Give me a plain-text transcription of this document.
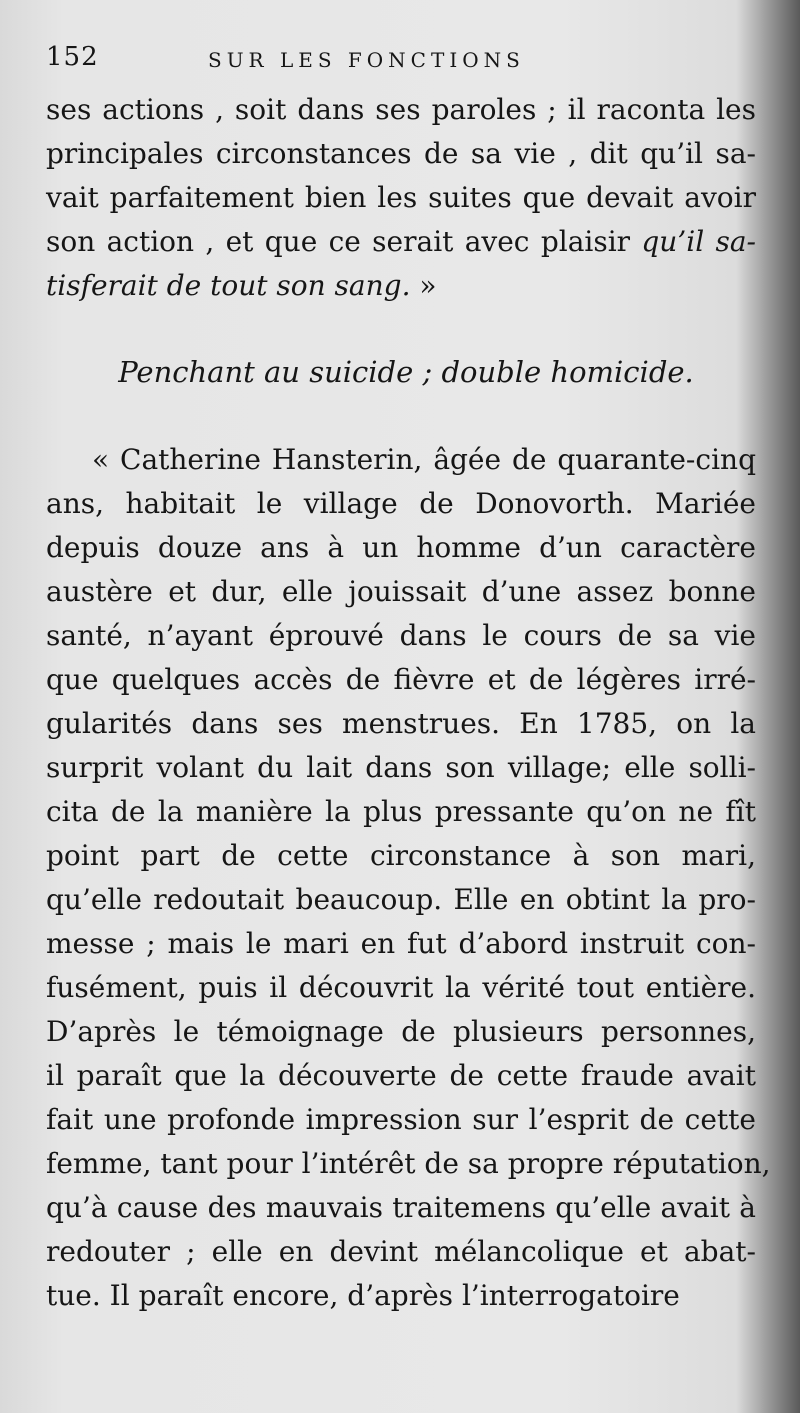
152	SUR LES FONCTIONS
ses actions , soit dans ses paroles ; il raconta les
principales circonstances de sa vie , dit qu’il sa-
vait parfaitement bien les suites que devait avoir
son action , et que ce serait avec plaisir qu’il sa-
tisferait de tout son sang. »
Penchant au suicide ; double homicide.
« Catherine Hansterin, âgée de quarante-cinq
ans, habitait le village de Donovorth. Mariée
depuis douze ans à un homme d’un caractère
austère et dur, elle jouissait d’une assez bonne
santé, n’ayant éprouvé dans le cours de sa vie
que quelques accès de fièvre et de légères irré-
gularités dans ses menstrues. En 1785, on la
surprit volant du lait dans son village; elle solli-
cita de la manière la plus pressante qu’on ne fît
point part de cette circonstance à son mari,
qu’elle redoutait beaucoup. Elle en obtint la pro-
messe ; mais le mari en fut d’abord instruit con-
fusément, puis il découvrit la vérité tout entière.
D’après le témoignage de plusieurs personnes,
il paraît que la découverte de cette fraude avait
fait une profonde impression sur l’esprit de cette
femme, tant pour l’intérêt de sa propre réputation,
qu’à cause des mauvais traitemens qu’elle avait à
redouter ; elle en devint mélancolique et abat-
tue. Il paraît encore, d’après l’interrogatoire
